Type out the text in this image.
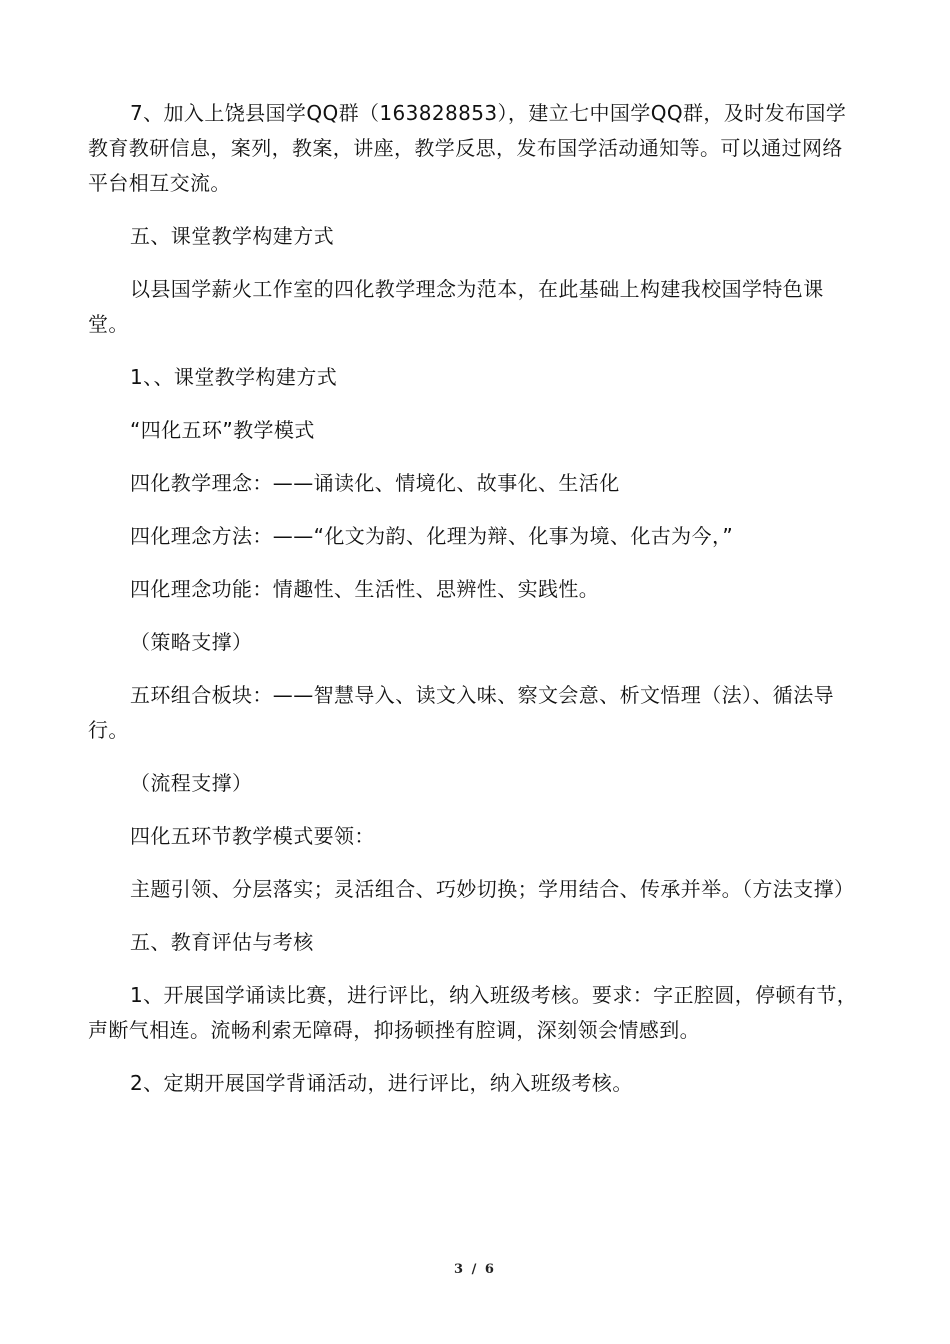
7、加入上饶县国学QQ群（163828853），建立七中国学QQ群，及时发布国学教育教研信息，案列，教案，讲座，教学反思，发布国学活动通知等。可以通过网络平台相互交流。

五、课堂教学构建方式

以县国学薪火工作室的四化教学理念为范本，在此基础上构建我校国学特色课堂。

1、、课堂教学构建方式

“四化五环”教学模式

四化教学理念：——诵读化、情境化、故事化、生活化

四化理念方法：——“化文为韵、化理为辩、化事为境、化古为今，”

四化理念功能：情趣性、生活性、思辨性、实践性。

（策略支撑）

五环组合板块：——智慧导入、读文入味、察文会意、析文悟理（法）、循法导行。

（流程支撑）

四化五环节教学模式要领：

主题引领、分层落实；灵活组合、巧妙切换；学用结合、传承并举。（方法支撑）

五、教育评估与考核

1、开展国学诵读比赛，进行评比，纳入班级考核。要求：字正腔圆，停顿有节，声断气相连。流畅利索无障碍，抑扬顿挫有腔调，深刻领会情感到。

2、定期开展国学背诵活动，进行评比，纳入班级考核。

3 / 6
